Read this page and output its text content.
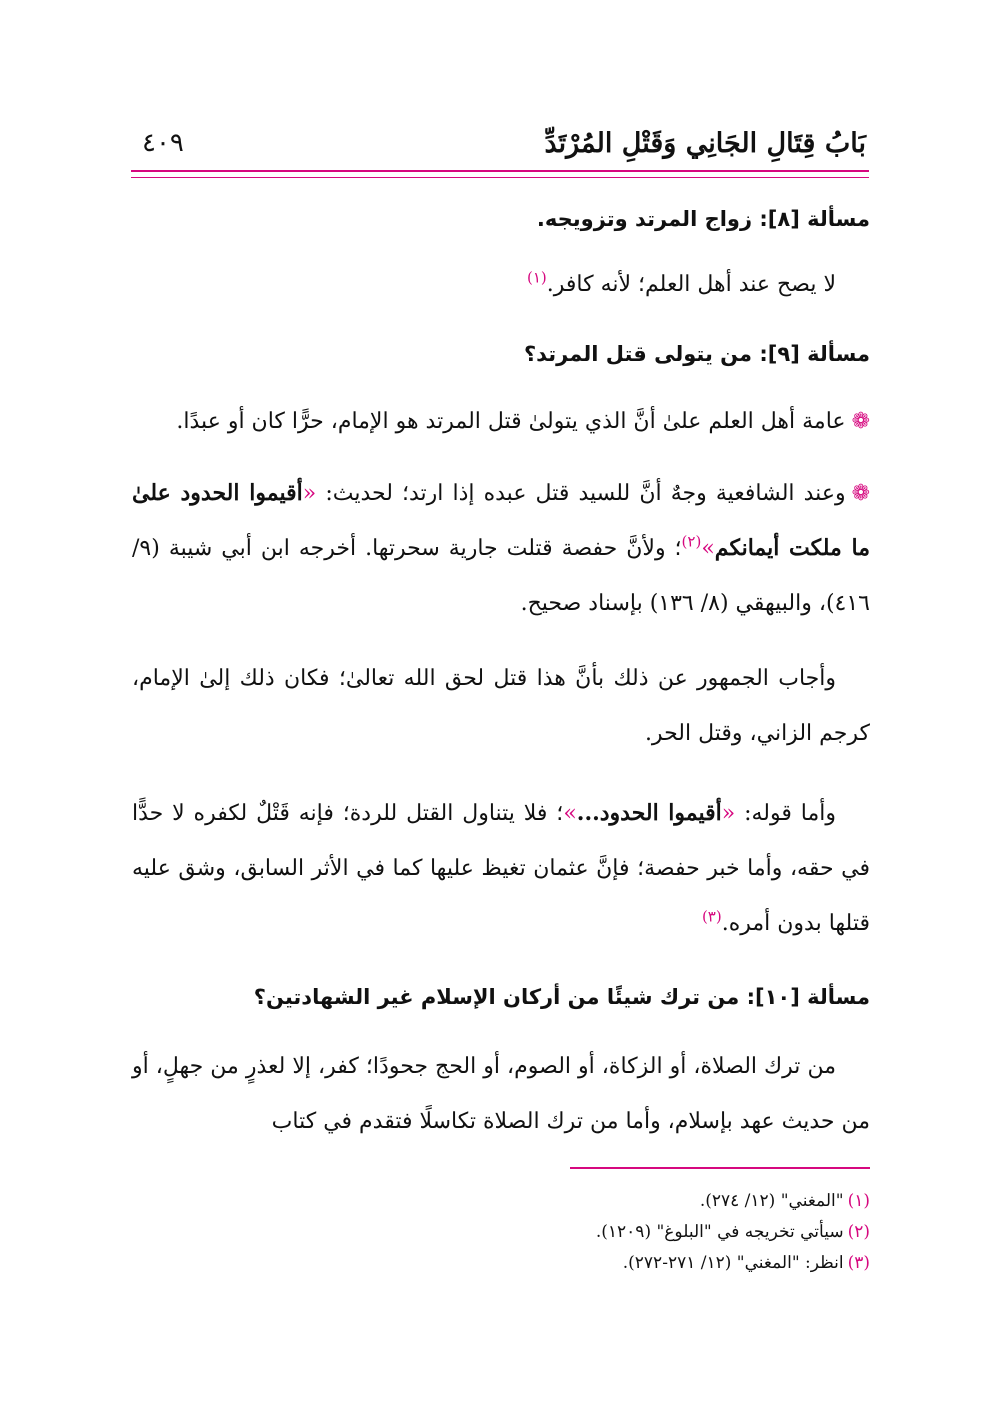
بَابُ قِتَالِ الجَانِي وَقَتْلِ المُرْتَدِّ
٤٠٩
مسألة [٨]: زواج المرتد وتزويجه.
لا يصح عند أهل العلم؛ لأنه كافر.$^{(١)}$
مسألة [٩]: من يتولى قتل المرتد؟
❁عامة أهل العلم علىٰ أنَّ الذي يتولىٰ قتل المرتد هو الإمام، حرًّا كان أو عبدًا.
❁وعند الشافعية وجهٌ أنَّ للسيد قتل عبده إذا ارتد؛ لحديث: «أقيموا الحدود علىٰ ما ملكت أيمانكم»$^{(٢)}$؛ ولأنَّ حفصة قتلت جارية سحرتها. أخرجه ابن أبي شيبة (٩/ ٤١٦)، والبيهقي (٨/ ١٣٦) بإسناد صحيح.
وأجاب الجمهور عن ذلك بأنَّ هذا قتل لحق الله تعالىٰ؛ فكان ذلك إلىٰ الإمام، كرجم الزاني، وقتل الحر.
وأما قوله: «أقيموا الحدود...»؛ فلا يتناول القتل للردة؛ فإنه قَتْلٌ لكفره لا حدًّا في حقه، وأما خبر حفصة؛ فإنَّ عثمان تغيظ عليها كما في الأثر السابق، وشق عليه قتلها بدون أمره.$^{(٣)}$
مسألة [١٠]: من ترك شيئًا من أركان الإسلام غير الشهادتين؟
من ترك الصلاة، أو الزكاة، أو الصوم، أو الحج جحودًا؛ كفر، إلا لعذرٍ من جهلٍ، أو من حديث عهد بإسلام، وأما من ترك الصلاة تكاسلًا فتقدم في كتاب
(١)"المغني" (١٢/ ٢٧٤).
(٢)سيأتي تخريجه في "البلوغ" (١٢٠٩).
(٣)انظر: "المغني" (١٢/ ٢٧١-٢٧٢).
